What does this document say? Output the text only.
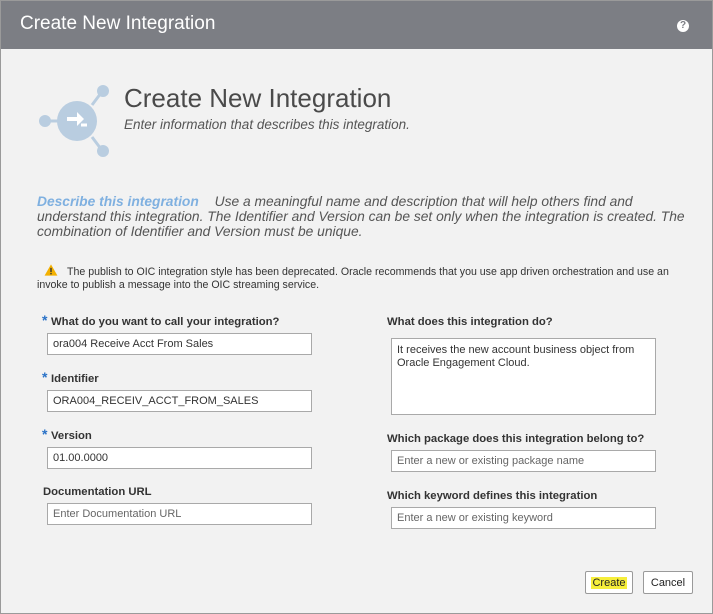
Create New Integration	?
Create New Integration
Enter information that describes this integration.
Describe this integration Use a meaningful name and description that will help others find and understand this integration. The Identifier and Version can be set only when the integration is created. The combination of Identifier and Version must be unique.
The publish to OIC integration style has been deprecated. Oracle recommends that you use app driven orchestration and use an invoke to publish a message into the OIC streaming service.
* What do you want to call your integration?
ora004 Receive Acct From Sales
* Identifier
ORA004_RECEIV_ACCT_FROM_SALES
* Version
01.00.0000
Documentation URL
Enter Documentation URL
What does this integration do?
It receives the new account business object from Oracle Engagement Cloud.
Which package does this integration belong to?
Enter a new or existing package name
Which keyword defines this integration
Enter a new or existing keyword
Create	Cancel
